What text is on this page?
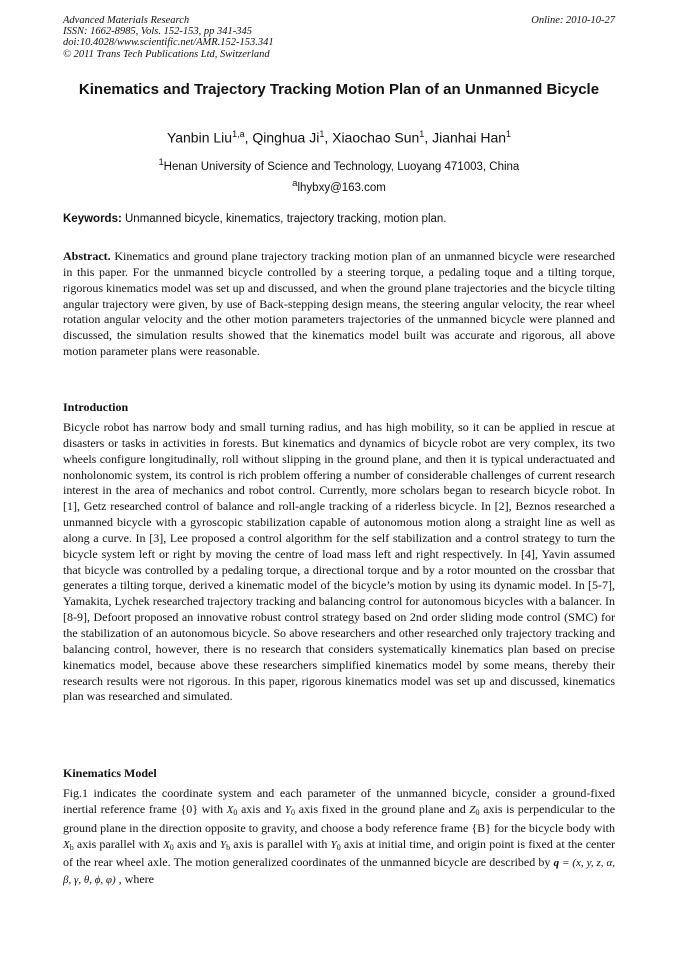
Advanced Materials Research
ISSN: 1662-8985, Vols. 152-153, pp 341-345
doi:10.4028/www.scientific.net/AMR.152-153.341
© 2011 Trans Tech Publications Ltd, Switzerland
Online: 2010-10-27
Kinematics and Trajectory Tracking Motion Plan of an Unmanned Bicycle
Yanbin Liu$^{1,a}$, Qinghua Ji$^1$, Xiaochao Sun$^1$, Jianhai Han$^1$
$^1$Henan University of Science and Technology, Luoyang 471003, China
$^a$lhybxy@163.com
Keywords: Unmanned bicycle, kinematics, trajectory tracking, motion plan.
Abstract. Kinematics and ground plane trajectory tracking motion plan of an unmanned bicycle were researched in this paper. For the unmanned bicycle controlled by a steering torque, a pedaling toque and a tilting torque, rigorous kinematics model was set up and discussed, and when the ground plane trajectories and the bicycle tilting angular trajectory were given, by use of Back-stepping design means, the steering angular velocity, the rear wheel rotation angular velocity and the other motion parameters trajectories of the unmanned bicycle were planned and discussed, the simulation results showed that the kinematics model built was accurate and rigorous, all above motion parameter plans were reasonable.
Introduction
Bicycle robot has narrow body and small turning radius, and has high mobility, so it can be applied in rescue at disasters or tasks in activities in forests. But kinematics and dynamics of bicycle robot are very complex, its two wheels configure longitudinally, roll without slipping in the ground plane, and then it is typical underactuated and nonholonomic system, its control is rich problem offering a number of considerable challenges of current research interest in the area of mechanics and robot control. Currently, more scholars began to research bicycle robot. In [1], Getz researched control of balance and roll-angle tracking of a riderless bicycle. In [2], Beznos researched a unmanned bicycle with a gyroscopic stabilization capable of autonomous motion along a straight line as well as along a curve. In [3], Lee proposed a control algorithm for the self stabilization and a control strategy to turn the bicycle system left or right by moving the centre of load mass left and right respectively. In [4], Yavin assumed that bicycle was controlled by a pedaling torque, a directional torque and by a rotor mounted on the crossbar that generates a tilting torque, derived a kinematic model of the bicycle’s motion by using its dynamic model. In [5-7], Yamakita, Lychek researched trajectory tracking and balancing control for autonomous bicycles with a balancer. In [8-9], Defoort proposed an innovative robust control strategy based on 2nd order sliding mode control (SMC) for the stabilization of an autonomous bicycle. So above researchers and other researched only trajectory tracking and balancing control, however, there is no research that considers systematically kinematics plan based on precise kinematics model, because above these researchers simplified kinematics model by some means, thereby their research results were not rigorous. In this paper, rigorous kinematics model was set up and discussed, kinematics plan was researched and simulated.
Kinematics Model
Fig.1 indicates the coordinate system and each parameter of the unmanned bicycle, consider a ground-fixed inertial reference frame {0} with $X_0$ axis and $Y_0$ axis fixed in the ground plane and $Z_0$ axis is perpendicular to the ground plane in the direction opposite to gravity, and choose a body reference frame {B} for the bicycle body with $X_b$ axis parallel with $X_0$ axis and $Y_b$ axis is parallel with $Y_0$ axis at initial time, and origin point is fixed at the center of the rear wheel axle. The motion generalized coordinates of the unmanned bicycle are described by q = (x, y, z, α, β, γ, θ, ϕ, φ) , where
